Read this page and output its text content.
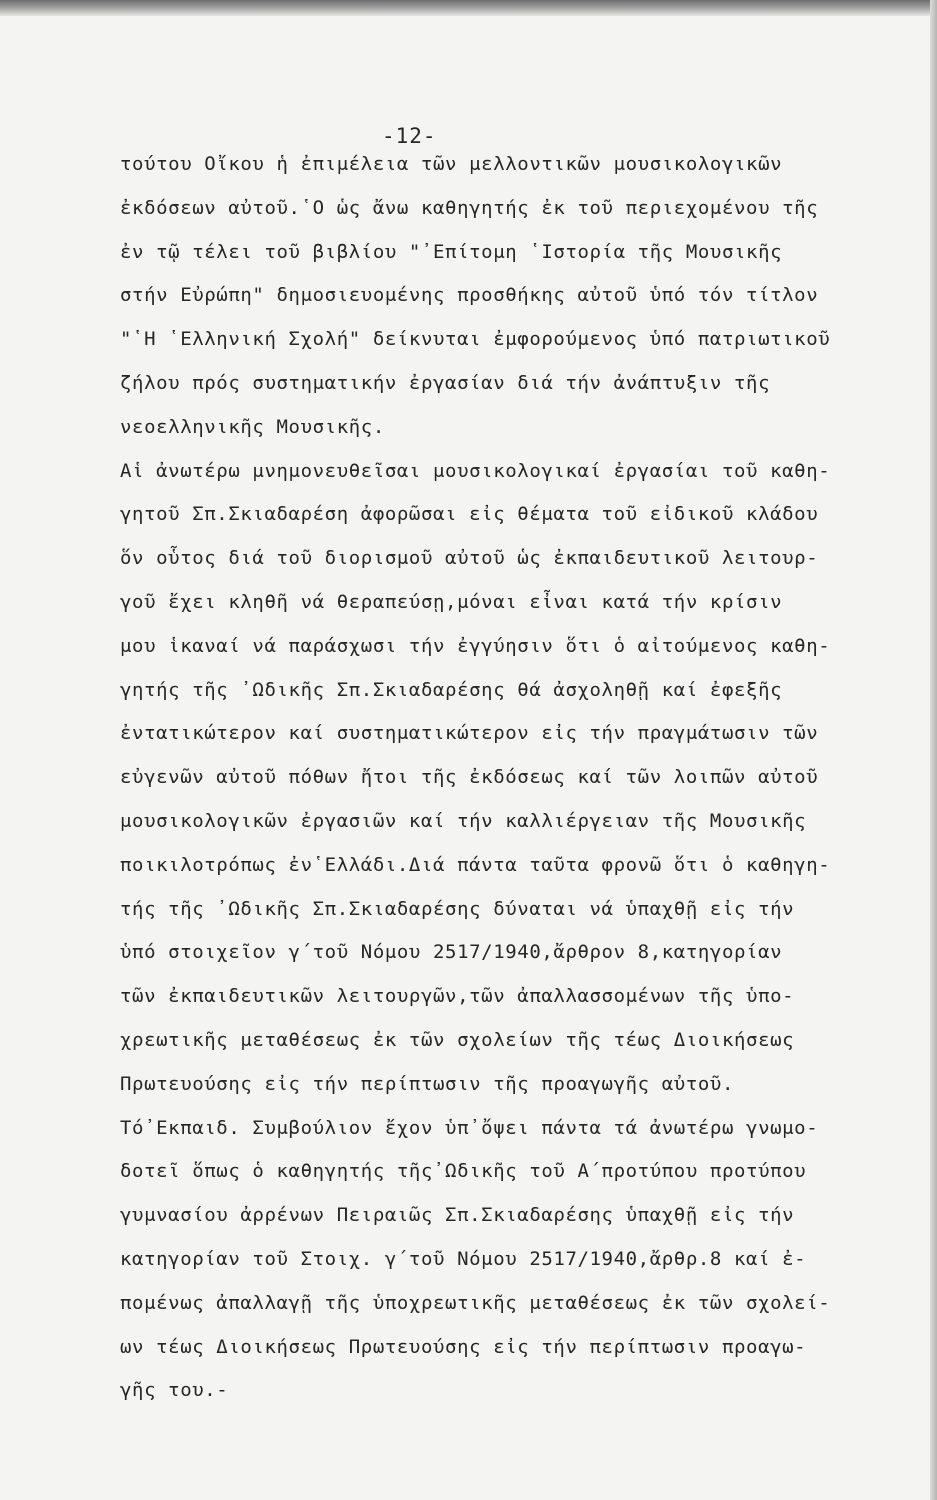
-12-
τούτου Οἴκου ἡ ἐπιμέλεια τῶν μελλοντικῶν μουσικολογικῶν
ἐκδόσεων αὐτοῦ.῾Ο ὡς ἄνω καθηγητής ἐκ τοῦ περιεχομένου τῆς
ἐν τῷ τέλει τοῦ βιβλίου "᾿Επίτομη ῾Ιστορία τῆς Μουσικῆς
στήν Εὐρώπη" δημοσιευομένης προσθήκης αὐτοῦ ὑπό τόν τίτλον
"῾Η ῾Ελληνική Σχολή" δείκνυται ἐμφορούμενος ὑπό πατριωτικοῦ
ζήλου πρός συστηματικήν ἐργασίαν διά τήν ἀνάπτυξιν τῆς
νεοελληνικῆς Μουσικῆς.
Αἱ ἀνωτέρω μνημονευθεῖσαι μουσικολογικαί ἐργασίαι τοῦ καθη-
γητοῦ Σπ.Σκιαδαρέση ἀφορῶσαι εἰς θέματα τοῦ εἰδικοῦ κλάδου
ὅν οὗτος διά τοῦ διορισμοῦ αὐτοῦ ὡς ἐκπαιδευτικοῦ λειτουρ-
γοῦ ἔχει κληθῆ νά θεραπεύσῃ,μόναι εἶναι κατά τήν κρίσιν
μου ἱκαναί νά παράσχωσι τήν ἐγγύησιν ὅτι ὁ αἰτούμενος καθη-
γητής τῆς ᾿Ωδικῆς Σπ.Σκιαδαρέσης θά ἀσχοληθῇ καί ἐφεξῆς
ἐντατικώτερον καί συστηματικώτερον εἰς τήν πραγμάτωσιν τῶν
εὐγενῶν αὐτοῦ πόθων ἤτοι τῆς ἐκδόσεως καί τῶν λοιπῶν αὐτοῦ
μουσικολογικῶν ἐργασιῶν καί τήν καλλιέργειαν τῆς Μουσικῆς
ποικιλοτρόπως ἐν῾Ελλάδι.Διά πάντα ταῦτα φρονῶ ὅτι ὁ καθηγη-
τής τῆς ᾿Ωδικῆς Σπ.Σκιαδαρέσης δύναται νά ὑπαχθῇ εἰς τήν
ὑπό στοιχεῖον γ΄τοῦ Νόμου 2517/1940,ἄρθρον 8,κατηγορίαν
τῶν ἐκπαιδευτικῶν λειτουργῶν,τῶν ἀπαλλασσομένων τῆς ὑπο-
χρεωτικῆς μεταθέσεως ἐκ τῶν σχολείων τῆς τέως Διοικήσεως
Πρωτευούσης εἰς τήν περίπτωσιν τῆς προαγωγῆς αὐτοῦ.
Τό᾿Εκπαιδ. Συμβούλιον ἔχον ὑπ᾿ὄψει πάντα τά ἀνωτέρω γνωμο-
δοτεῖ ὅπως ὁ καθηγητής τῆς᾿Ωδικῆς τοῦ Α΄προτύπου προτύπου
γυμνασίου ἀρρένων Πειραιῶς Σπ.Σκιαδαρέσης ὑπαχθῇ εἰς τήν
κατηγορίαν τοῦ Στοιχ. γ΄τοῦ Νόμου 2517/1940,ἄρθρ.8 καί ἐ-
πομένως ἀπαλλαγῇ τῆς ὑποχρεωτικῆς μεταθέσεως ἐκ τῶν σχολεί-
ων τέως Διοικήσεως Πρωτευούσης εἰς τήν περίπτωσιν προαγω-
γῆς του.-
